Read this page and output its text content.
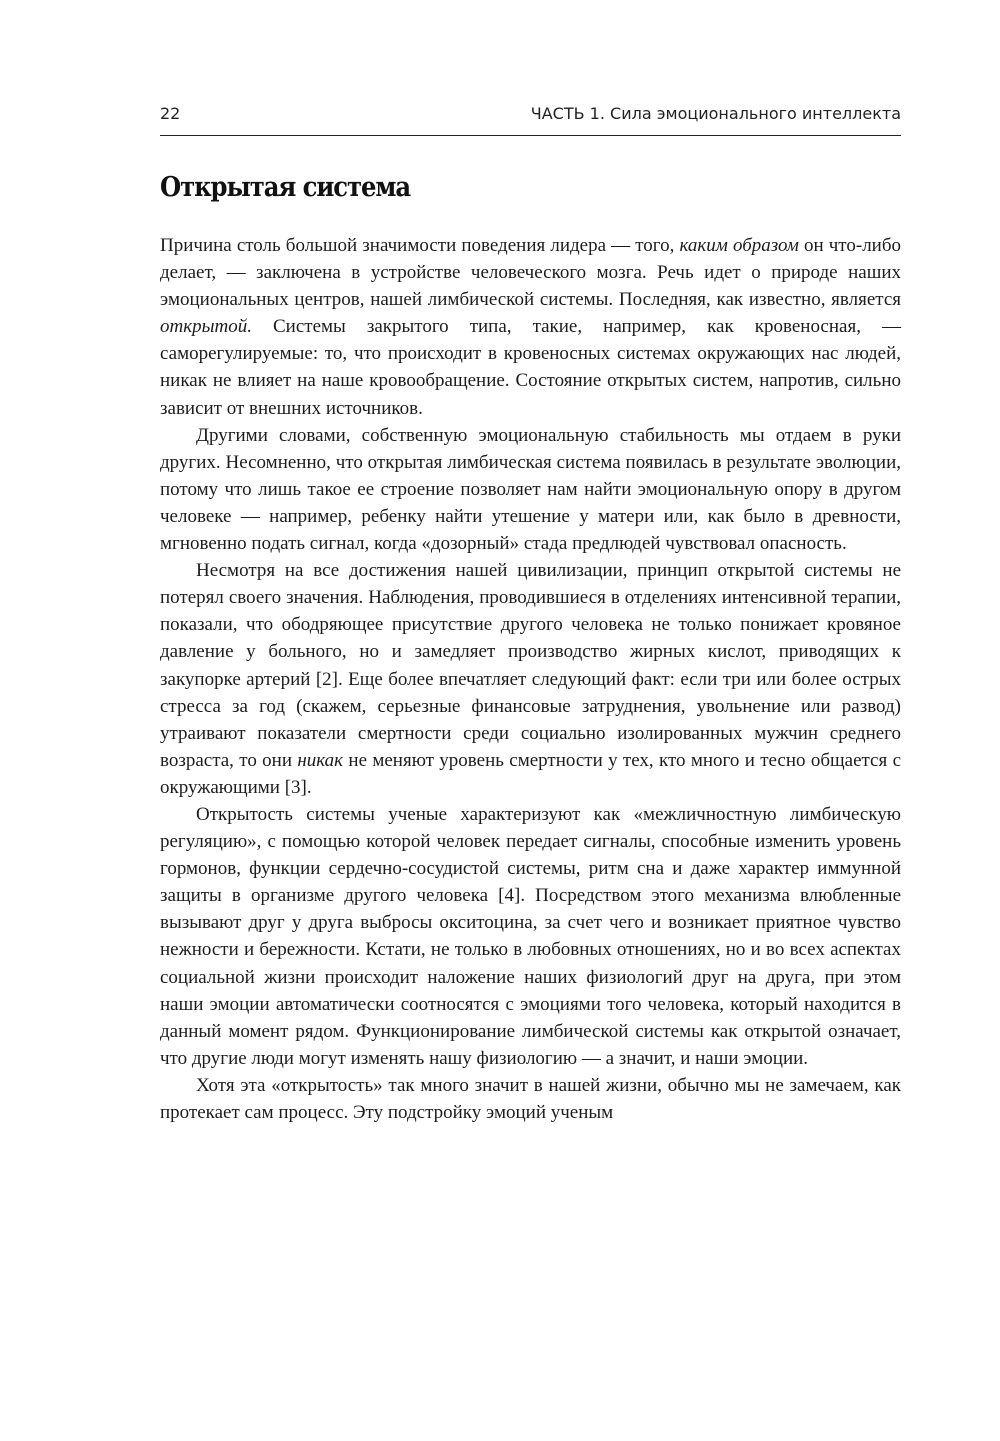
22	ЧАСТЬ 1. Сила эмоционального интеллекта
Открытая система

Причина столь большой значимости поведения лидера — того, каким образом он что-либо делает, — заключена в устройстве человеческого мозга. Речь идет о природе наших эмоциональных центров, нашей лимбической системы. Последняя, как известно, является открытой. Системы закрытого типа, такие, например, как кровеносная, — саморегулируемые: то, что происходит в кровеносных системах окружающих нас людей, никак не влияет на наше кровообращение. Состояние открытых систем, напротив, сильно зависит от внешних источников.

Другими словами, собственную эмоциональную стабильность мы отдаем в руки других. Несомненно, что открытая лимбическая система появилась в результате эволюции, потому что лишь такое ее строение позволяет нам найти эмоциональную опору в другом человеке — например, ребенку найти утешение у матери или, как было в древности, мгновенно подать сигнал, когда «дозорный» стада предлюдей чувствовал опасность.

Несмотря на все достижения нашей цивилизации, принцип открытой системы не потерял своего значения. Наблюдения, проводившиеся в отделениях интенсивной терапии, показали, что ободряющее присутствие другого человека не только понижает кровяное давление у больного, но и замедляет производство жирных кислот, приводящих к закупорке артерий [2]. Еще более впечатляет следующий факт: если три или более острых стресса за год (скажем, серьезные финансовые затруднения, увольнение или развод) утраивают показатели смертности среди социально изолированных мужчин среднего возраста, то они никак не меняют уровень смертности у тех, кто много и тесно общается с окружающими [3].

Открытость системы ученые характеризуют как «межличностную лимбическую регуляцию», с помощью которой человек передает сигналы, способные изменить уровень гормонов, функции сердечно-сосудистой системы, ритм сна и даже характер иммунной защиты в организме другого человека [4]. Посредством этого механизма влюбленные вызывают друг у друга выбросы окситоцина, за счет чего и возникает приятное чувство нежности и бережности. Кстати, не только в любовных отношениях, но и во всех аспектах социальной жизни происходит наложение наших физиологий друг на друга, при этом наши эмоции автоматически соотносятся с эмоциями того человека, который находится в данный момент рядом. Функционирование лимбической системы как открытой означает, что другие люди могут изменять нашу физиологию — а значит, и наши эмоции.

Хотя эта «открытость» так много значит в нашей жизни, обычно мы не замечаем, как протекает сам процесс. Эту подстройку эмоций ученым
